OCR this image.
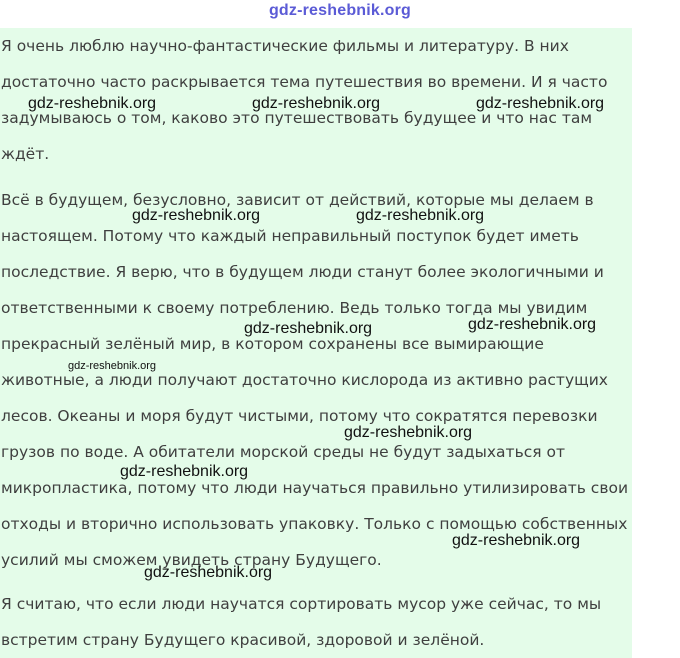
gdz-reshebnik.org

Я очень люблю научно-фантастические фильмы и литературу. В них достаточно часто раскрывается тема путешествия во времени. И я часто задумываюсь о том, каково это путешествовать будущее и что нас там ждёт.

Всё в будущем, безусловно, зависит от действий, которые мы делаем в настоящем. Потому что каждый неправильный поступок будет иметь последствие. Я верю, что в будущем люди станут более экологичными и ответственными к своему потреблению. Ведь только тогда мы увидим прекрасный зелёный мир, в котором сохранены все вымирающие животные, а люди получают достаточно кислорода из активно растущих лесов. Океаны и моря будут чистыми, потому что сократятся перевозки грузов по воде. А обитатели морской среды не будут задыхаться от микропластика, потому что люди научаться правильно утилизировать свои отходы и вторично использовать упаковку. Только с помощью собственных усилий мы сможем увидеть страну Будущего.

Я считаю, что если люди научатся сортировать мусор уже сейчас, то мы встретим страну Будущего красивой, здоровой и зелёной.

gdz-reshebnik.org	gdz-reshebnik.org	gdz-reshebnik.org
gdz-reshebnik.org	gdz-reshebnik.org
gdz-reshebnik.org	gdz-reshebnik.org
gdz-reshebnik.org
gdz-reshebnik.org
gdz-reshebnik.org
gdz-reshebnik.org
gdz-reshebnik.org
